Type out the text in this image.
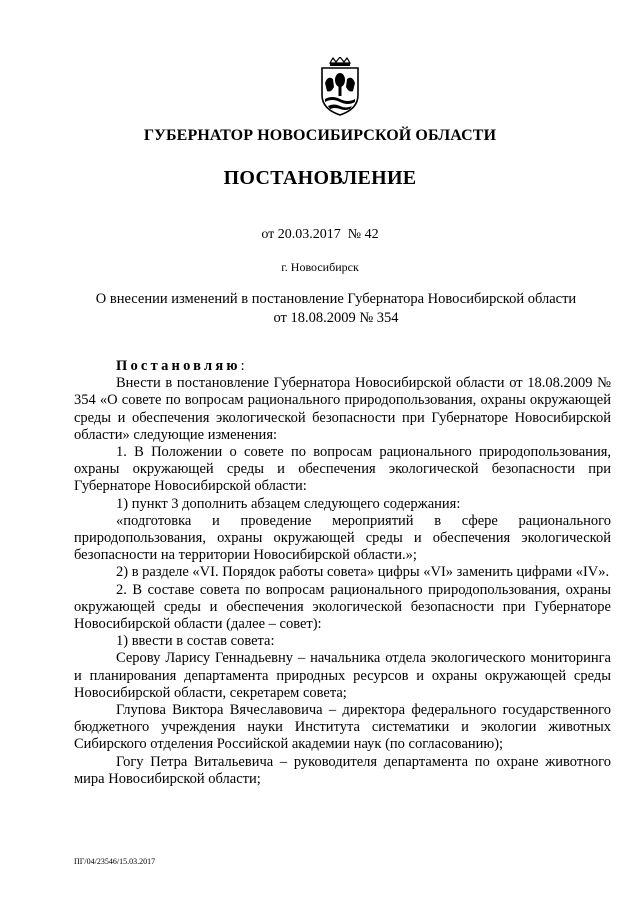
ГУБЕРНАТОР НОВОСИБИРСКОЙ ОБЛАСТИ
ПОСТАНОВЛЕНИЕ
от 20.03.2017  № 42
г. Новосибирск
О внесении изменений в постановление Губернатора Новосибирской области
от 18.08.2009 № 354

Постановляю:

Внести в постановление Губернатора Новосибирской области от 18.08.2009 № 354 «О совете по вопросам рационального природопользования, охраны окружающей среды и обеспечения экологической безопасности при Губернаторе Новосибирской области» следующие изменения:

1. В Положении о совете по вопросам рационального природопользования, охраны окружающей среды и обеспечения экологической безопасности при Губернаторе Новосибирской области:

1) пункт 3 дополнить абзацем следующего содержания:

«подготовка и проведение мероприятий в сфере рационального природопользования, охраны окружающей среды и обеспечения экологической безопасности на территории Новосибирской области.»;

2) в разделе «VI. Порядок работы совета» цифры «VI» заменить цифрами «IV».

2. В составе совета по вопросам рационального природопользования, охраны окружающей среды и обеспечения экологической безопасности при Губернаторе Новосибирской области (далее – совет):

1) ввести в состав совета:

Серову Ларису Геннадьевну – начальника отдела экологического мониторинга и планирования департамента природных ресурсов и охраны окружающей среды Новосибирской области, секретарем совета;

Глупова Виктора Вячеславовича – директора федерального государственного бюджетного учреждения науки Института систематики и экологии животных Сибирского отделения Российской академии наук (по согласованию);

Гогу Петра Витальевича – руководителя департамента по охране животного мира Новосибирской области;

ПГ/04/23546/15.03.2017
